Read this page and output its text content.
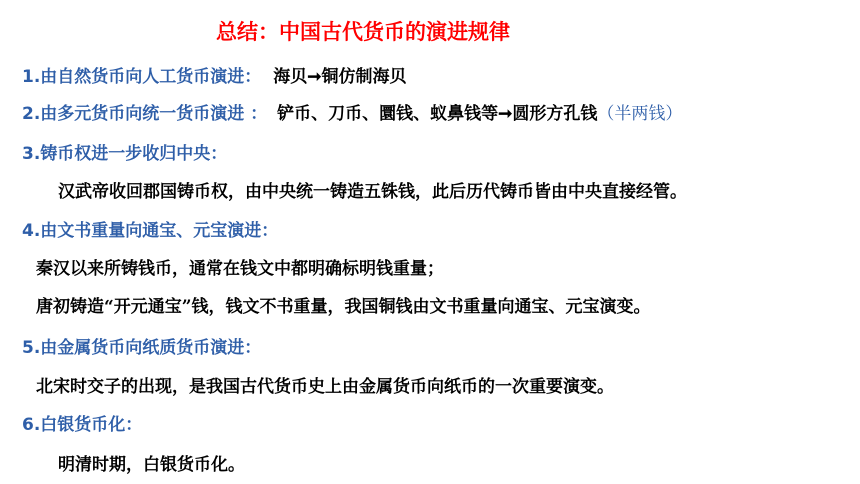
总结：中国古代货币的演进规律
1.由自然货币向人工货币演进： 海贝➞铜仿制海贝
2.由多元货币向统一货币演进 ： 铲币、刀币、圜钱、蚁鼻钱等➞圆形方孔钱（半两钱）
3.铸币权进一步收归中央：
汉武帝收回郡国铸币权，由中央统一铸造五铢钱，此后历代铸币皆由中央直接经管。
4.由文书重量向通宝、元宝演进：
秦汉以来所铸钱币，通常在钱文中都明确标明钱重量；
唐初铸造“开元通宝”钱，钱文不书重量，我国铜钱由文书重量向通宝、元宝演变。
5.由金属货币向纸质货币演进：
北宋时交子的出现，是我国古代货币史上由金属货币向纸币的一次重要演变。
6.白银货币化：
明清时期，白银货币化。
